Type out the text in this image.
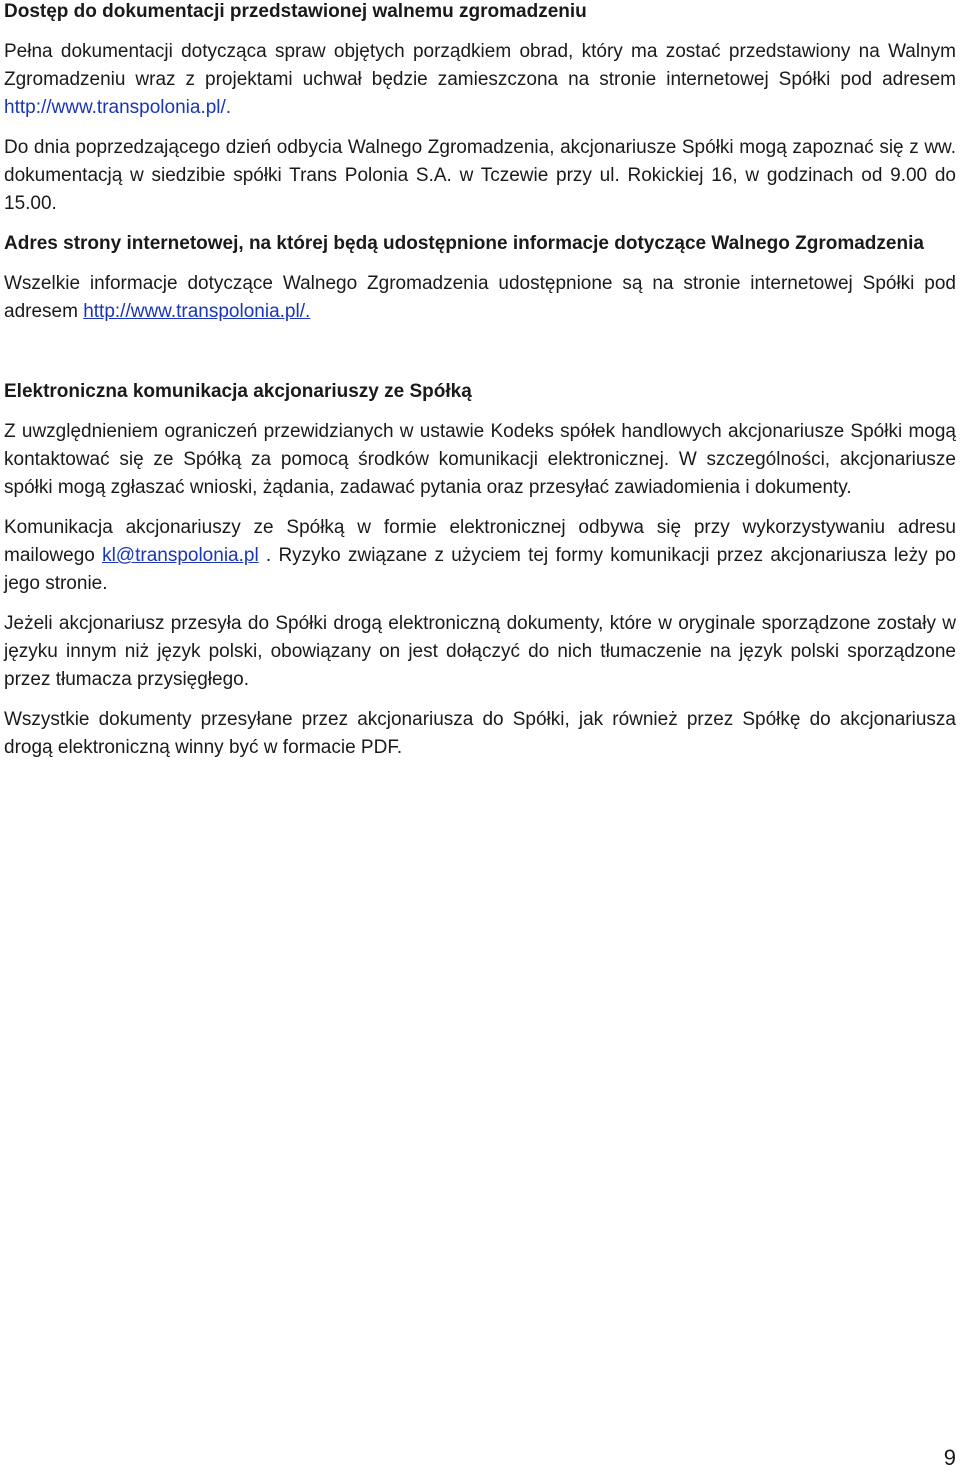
Dostęp do dokumentacji przedstawionej walnemu zgromadzeniu

Pełna dokumentacji dotycząca spraw objętych porządkiem obrad, który ma zostać przedstawiony na Walnym Zgromadzeniu wraz z projektami uchwał będzie zamieszczona na stronie internetowej Spółki pod adresem http://www.transpolonia.pl/.

Do dnia poprzedzającego dzień odbycia Walnego Zgromadzenia, akcjonariusze Spółki mogą zapoznać się z ww. dokumentacją w siedzibie spółki Trans Polonia S.A. w Tczewie przy ul. Rokickiej 16, w godzinach od 9.00 do 15.00.

Adres strony internetowej, na której będą udostępnione informacje dotyczące Walnego Zgromadzenia

Wszelkie informacje dotyczące Walnego Zgromadzenia udostępnione są na stronie internetowej Spółki pod adresem http://www.transpolonia.pl/.

Elektroniczna komunikacja akcjonariuszy ze Spółką

Z uwzględnieniem ograniczeń przewidzianych w ustawie Kodeks spółek handlowych akcjonariusze Spółki mogą kontaktować się ze Spółką za pomocą środków komunikacji elektronicznej. W szczególności, akcjonariusze spółki mogą zgłaszać wnioski, żądania, zadawać pytania oraz przesyłać zawiadomienia i dokumenty.

Komunikacja akcjonariuszy ze Spółką w formie elektronicznej odbywa się przy wykorzystywaniu adresu mailowego kl@transpolonia.pl . Ryzyko związane z użyciem tej formy komunikacji przez akcjonariusza leży po jego stronie.

Jeżeli akcjonariusz przesyła do Spółki drogą elektroniczną dokumenty, które w oryginale sporządzone zostały w języku innym niż język polski, obowiązany on jest dołączyć do nich tłumaczenie na język polski sporządzone przez tłumacza przysięgłego.

Wszystkie dokumenty przesyłane przez akcjonariusza do Spółki, jak również przez Spółkę do akcjonariusza drogą elektroniczną winny być w formacie PDF.

9
